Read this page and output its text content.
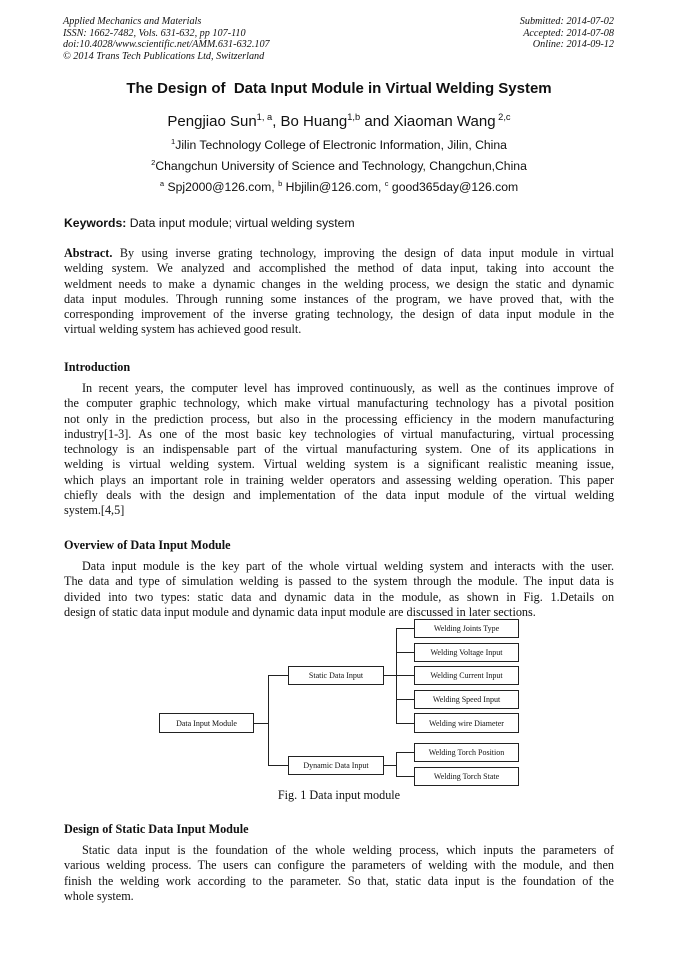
Applied Mechanics and Materials
ISSN: 1662-7482, Vols. 631-632, pp 107-110
doi:10.4028/www.scientific.net/AMM.631-632.107
© 2014 Trans Tech Publications Ltd, Switzerland
Submitted: 2014-07-02
Accepted: 2014-07-08
Online: 2014-09-12
The Design of  Data Input Module in Virtual Welding System
Pengjiao Sun$^{1, a}$, Bo Huang$^{1,b}$ and Xiaoman Wang $^{2,c}$
$^1$Jilin Technology College of Electronic Information, Jilin, China
$^2$Changchun University of Science and Technology, Changchun,China
$^a$ Spj2000@126.com, $^b$ Hbjilin@126.com, $^c$ good365day@126.com
Keywords: Data input module; virtual welding system
Abstract. By using inverse grating technology, improving the design of data input module in virtual
welding system. We analyzed and accomplished the method of data input, taking into account the
weldment needs to make a dynamic changes in the welding process, we design the static and dynamic
data input modules. Through running some instances of the program, we have proved that, with the
corresponding improvement of the inverse grating technology, the design of data input module in the
virtual welding system has achieved good result.
Introduction
In recent years, the computer level has improved continuously, as well as the continues improve of
the computer graphic technology, which make virtual manufacturing technology has a pivotal position
not only in the prediction process, but also in the processing efficiency in the modern manufacturing
industry[1-3]. As one of the most basic key technologies of virtual manufacturing, virtual processing
technology is an indispensable part of the virtual manufacturing system. One of its applications in
welding is virtual welding system. Virtual welding system is a significant realistic meaning issue,
which plays an important role in training welder operators and assessing welding operation. This paper
chiefly deals with the design and implementation of the data input module of the virtual welding
system.[4,5]
Overview of Data Input Module
Data input module is the key part of the whole virtual welding system and interacts with the user.
The data and type of simulation welding is passed to the system through the module. The input data is
divided into two types: static data and dynamic data in the module, as shown in Fig. 1.Details on
design of static data input module and dynamic data input module are discussed in later sections.
Data Input Module
Static Data Input
Dynamic Data Input
Welding Joints Type
Welding Voltage Input
Welding Current Input
Welding Speed Input
Welding wire Diameter
Welding Torch Position
Welding Torch State
Fig. 1 Data input module
Design of Static Data Input Module
Static data input is the foundation of the whole welding process, which inputs the parameters of
various welding process. The users can configure the parameters of welding with the module, and then
finish the welding work according to the parameter. So that, static data input is the foundation of the
whole system.
